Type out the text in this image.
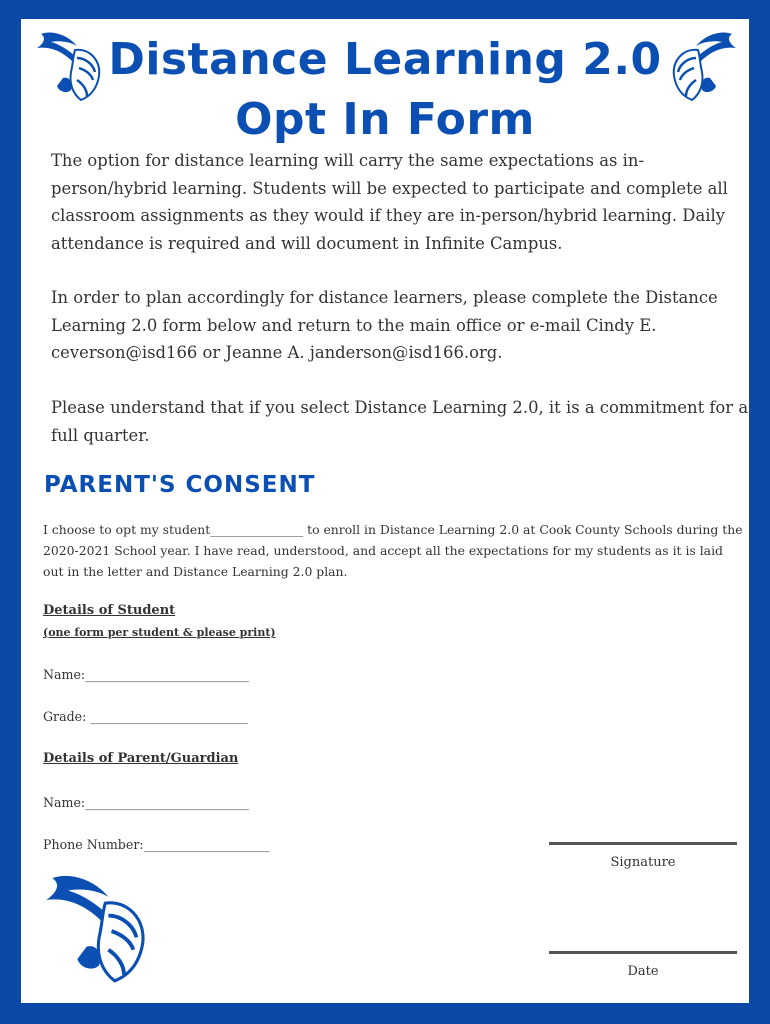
Distance Learning 2.0
Opt In Form

The option for distance learning will carry the same expectations as in-person/hybrid learning. Students will be expected to participate and complete all classroom assignments as they would if they are in-person/hybrid learning. Daily attendance is required and will document in Infinite Campus.

In order to plan accordingly for distance learners, please complete the Distance Learning 2.0 form below and return to the main office or e-mail Cindy E. ceverson@isd166 or Jeanne A. janderson@isd166.org.

Please understand that if you select Distance Learning 2.0, it is a commitment for a full quarter.

PARENT'S CONSENT

I choose to opt my student_______________ to enroll in Distance Learning 2.0 at Cook County Schools during the 2020-2021 School year. I have read, understood, and accept all the expectations for my students as it is laid out in the letter and Distance Learning 2.0 plan.

Details of Student
(one form per student & please print)
Name:__________________________
Grade: _________________________
Details of Parent/Guardian
Name:__________________________
Phone Number:____________________
Signature
Date
